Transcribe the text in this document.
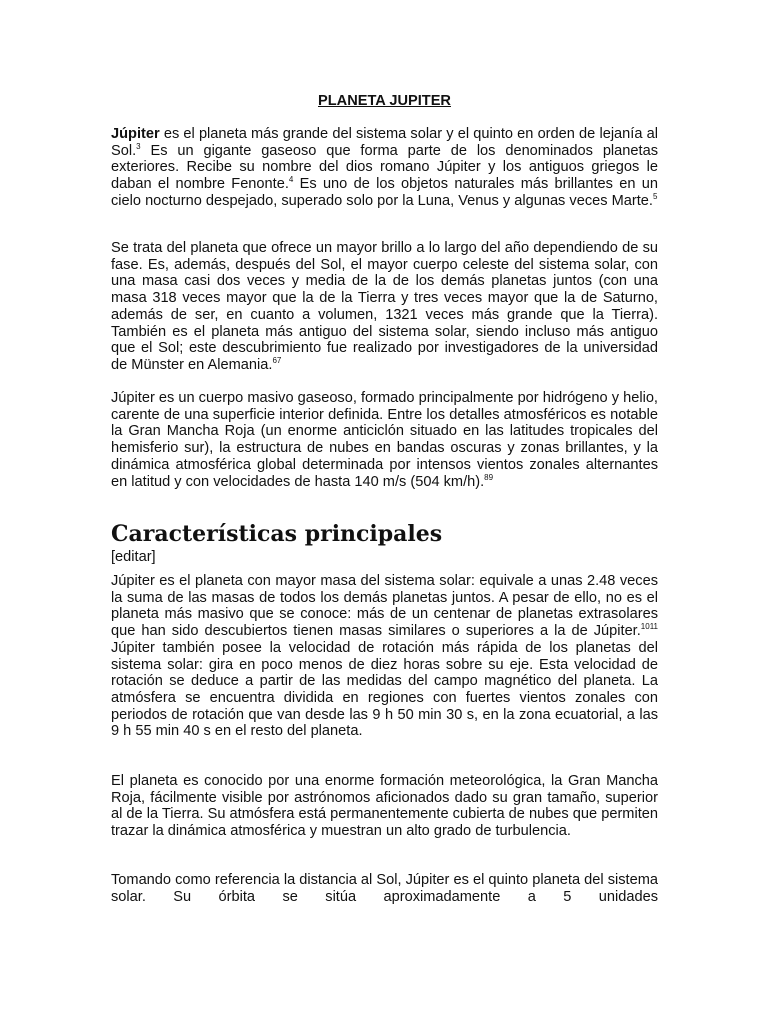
PLANETA JUPITER

Júpiter es el planeta más grande del sistema solar y el quinto en orden de lejanía al Sol.$^3$ Es un gigante gaseoso que forma parte de los denominados planetas exteriores. Recibe su nombre del dios romano Júpiter y los antiguos griegos le daban el nombre Fenonte.$^4$ Es uno de los objetos naturales más brillantes en un cielo nocturno despejado, superado solo por la Luna, Venus y algunas veces Marte.$^5$

Se trata del planeta que ofrece un mayor brillo a lo largo del año dependiendo de su fase. Es, además, después del Sol, el mayor cuerpo celeste del sistema solar, con una masa casi dos veces y media de la de los demás planetas juntos (con una masa 318 veces mayor que la de la Tierra y tres veces mayor que la de Saturno, además de ser, en cuanto a volumen, 1321 veces más grande que la Tierra). También es el planeta más antiguo del sistema solar, siendo incluso más antiguo que el Sol; este descubrimiento fue realizado por investigadores de la universidad de Münster en Alemania.$^{67}$

Júpiter es un cuerpo masivo gaseoso, formado principalmente por hidrógeno y helio, carente de una superficie interior definida. Entre los detalles atmosféricos es notable la Gran Mancha Roja (un enorme anticiclón situado en las latitudes tropicales del hemisferio sur), la estructura de nubes en bandas oscuras y zonas brillantes, y la dinámica atmosférica global determinada por intensos vientos zonales alternantes en latitud y con velocidades de hasta 140 m/s (504 km/h).$^{89}$

Características principales
[editar]

Júpiter es el planeta con mayor masa del sistema solar: equivale a unas 2.48 veces la suma de las masas de todos los demás planetas juntos. A pesar de ello, no es el planeta más masivo que se conoce: más de un centenar de planetas extrasolares que han sido descubiertos tienen masas similares o superiores a la de Júpiter.$^{1011}$ Júpiter también posee la velocidad de rotación más rápida de los planetas del sistema solar: gira en poco menos de diez horas sobre su eje. Esta velocidad de rotación se deduce a partir de las medidas del campo magnético del planeta. La atmósfera se encuentra dividida en regiones con fuertes vientos zonales con periodos de rotación que van desde las 9 h 50 min 30 s, en la zona ecuatorial, a las 9 h 55 min 40 s en el resto del planeta.

El planeta es conocido por una enorme formación meteorológica, la Gran Mancha Roja, fácilmente visible por astrónomos aficionados dado su gran tamaño, superior al de la Tierra. Su atmósfera está permanentemente cubierta de nubes que permiten trazar la dinámica atmosférica y muestran un alto grado de turbulencia.

Tomando como referencia la distancia al Sol, Júpiter es el quinto planeta del sistema solar. Su órbita se sitúa aproximadamente a 5 unidades
